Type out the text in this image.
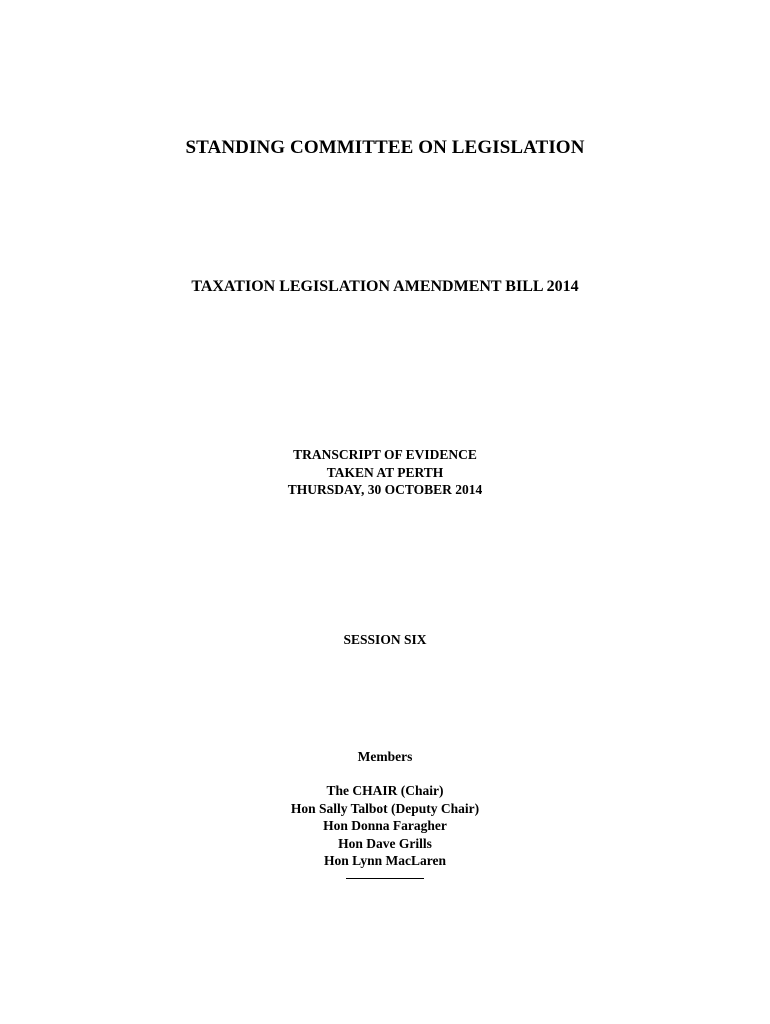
STANDING COMMITTEE ON LEGISLATION
TAXATION LEGISLATION AMENDMENT BILL 2014
TRANSCRIPT OF EVIDENCE
TAKEN AT PERTH
THURSDAY, 30 OCTOBER 2014
SESSION SIX
Members
The CHAIR (Chair)
Hon Sally Talbot (Deputy Chair)
Hon Donna Faragher
Hon Dave Grills
Hon Lynn MacLaren
